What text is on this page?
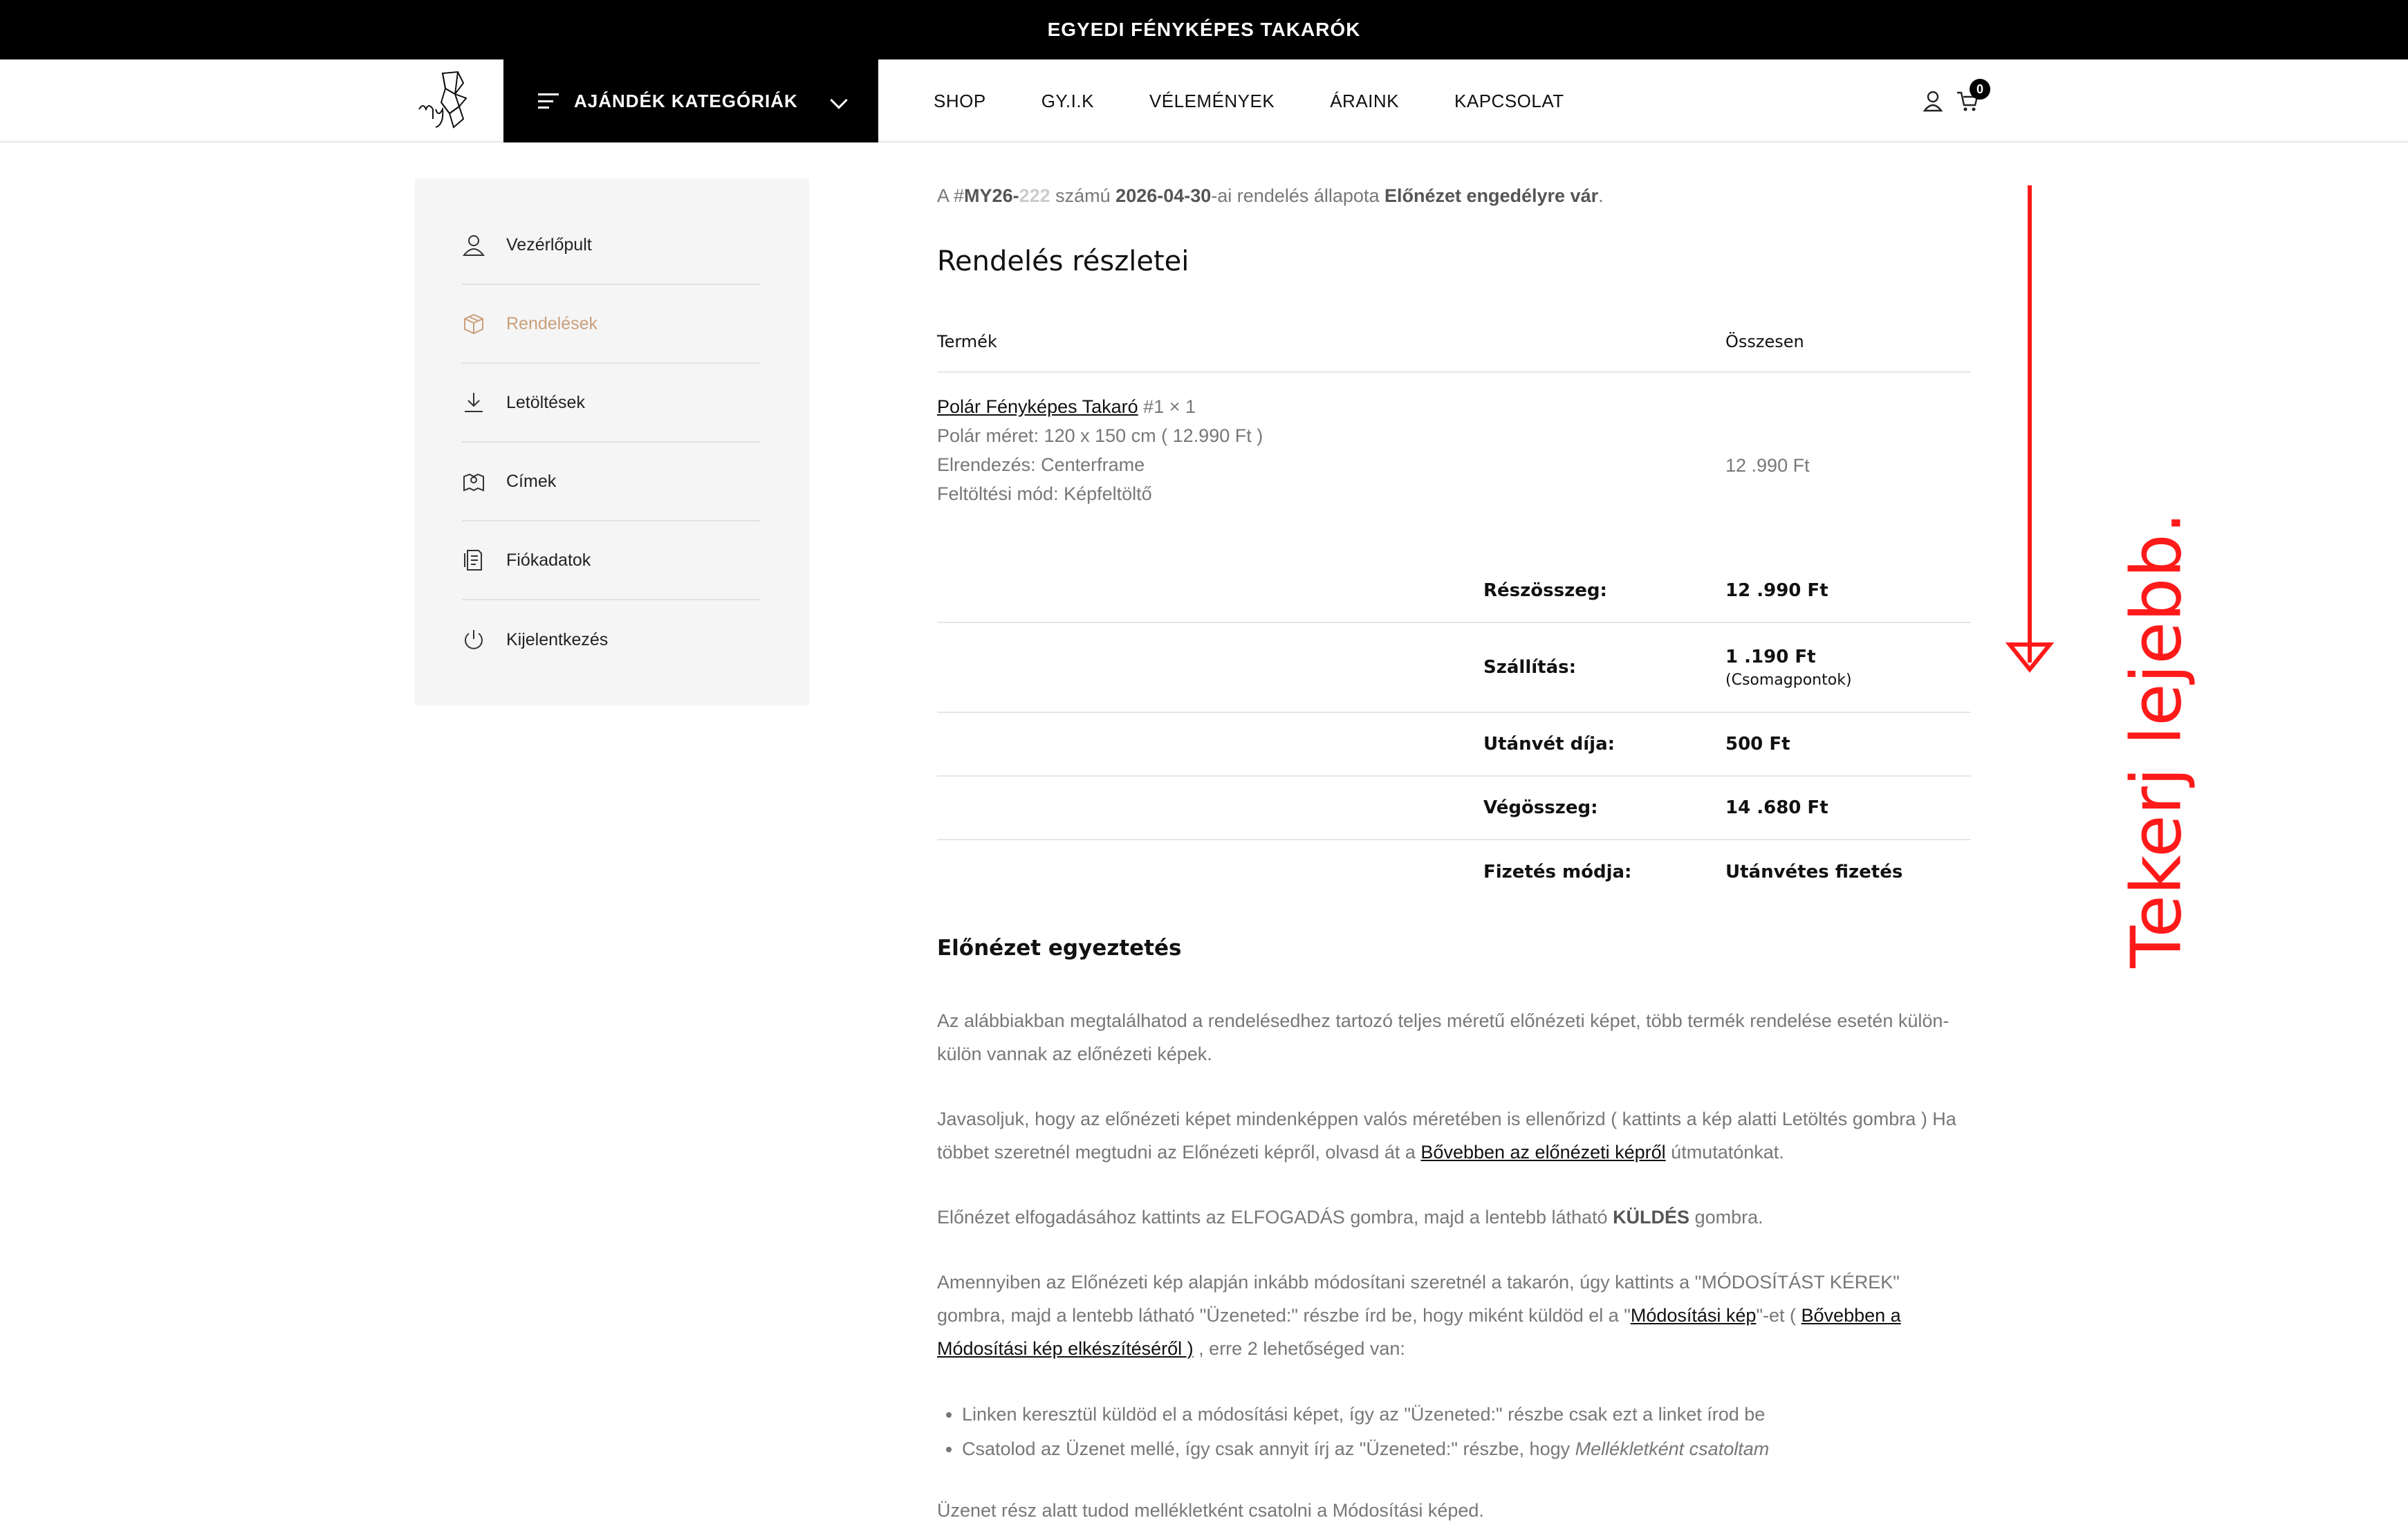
EGYEDI FÉNYKÉPES TAKARÓK
AJÁNDÉK KATEGÓRIÁK	SHOP	GY.I.K	VÉLEMÉNYEK	ÁRAINK	KAPCSOLAT
0
Vezérlőpult
Rendelések
Letöltések
Címek
Fiókadatok
Kijelentkezés
A #MY26-222 számú 2026-04-30-ai rendelés állapota Előnézet engedélyre vár.
Rendelés részletei
Termék	Összesen

Polár Fényképes Takaró #1 × 1
Polár méret: 120 x 150 cm ( 12.990 Ft )
Elrendezés: Centerframe
Feltöltési mód: Képfeltöltő	12 .990 Ft
Részösszeg:	12 .990 Ft
Szállítás:	1 .190 Ft
(Csomagpontok)

Utánvét díja:	500 Ft
Végösszeg:	14 .680 Ft
Fizetés módja:	Utánvétes fizetés
Előnézet egyeztetés

Az alábbiakban megtalálhatod a rendelésedhez tartozó teljes méretű előnézeti képet, több termék rendelése esetén külön-külön vannak az előnézeti képek.

Javasoljuk, hogy az előnézeti képet mindenképpen valós méretében is ellenőrizd ( kattints a kép alatti Letöltés gombra ) Ha többet szeretnél megtudni az Előnézeti képről, olvasd át a Bővebben az előnézeti képről útmutatónkat.

Előnézet elfogadásához kattints az ELFOGADÁS gombra, majd a lentebb látható KÜLDÉS gombra.

Amennyiben az Előnézeti kép alapján inkább módosítani szeretnél a takarón, úgy kattints a "MÓDOSÍTÁST KÉREK" gombra, majd a lentebb látható "Üzeneted:" részbe írd be, hogy miként küldöd el a "Módosítási kép"-et ( Bővebben a Módosítási kép elkészítéséről ) , erre 2 lehetőséged van:

• Linken keresztül küldöd el a módosítási képet, így az "Üzeneted:" részbe csak ezt a linket írod be
• Csatolod az Üzenet mellé, így csak annyit írj az "Üzeneted:" részbe, hogy Mellékletként csatoltam

Üzenet rész alatt tudod mellékletként csatolni a Módosítási képed.

Tekerj lejebb.
